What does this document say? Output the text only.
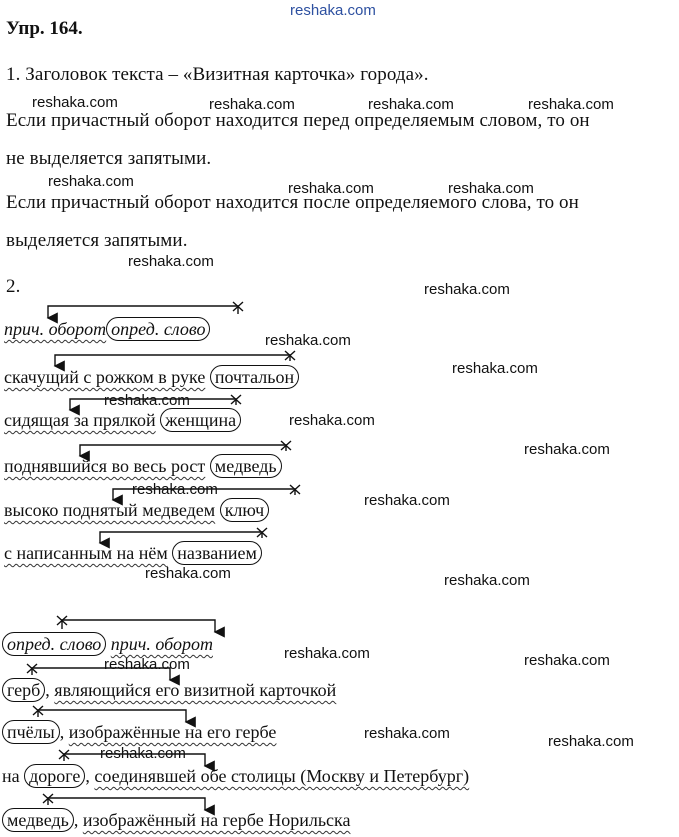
reshaka.com
reshaka.com	reshaka.com	reshaka.com	reshaka.com
reshaka.com	reshaka.com	reshaka.com
reshaka.com
reshaka.com
reshaka.com
reshaka.com
reshaka.com
reshaka.com
reshaka.com
reshaka.com
reshaka.com
reshaka.com	reshaka.com
reshaka.com	reshaka.com
reshaka.com
reshaka.com	reshaka.com
reshaka.com
Упр. 164.
1. Заголовок текста – «Визитная карточка» города».
Если причастный оборот находится перед определяемым словом, то он
не выделяется запятыми.
Если причастный оборот находится после определяемого слова, то он
выделяется запятыми.
2.
прич. оборот опред. слово
скачущий с рожком в руке почтальон
сидящая за прялкой женщина
поднявшийся во весь рост медведь
высоко поднятый медведем ключ
с написанным на нём названием
опред. слово прич. оборот
герб , являющийся его визитной карточкой
пчёлы , изображённые на его гербе
на дороге , соединявшей обе столицы (Москву и Петербург)
медведь , изображённый на гербе Норильска
